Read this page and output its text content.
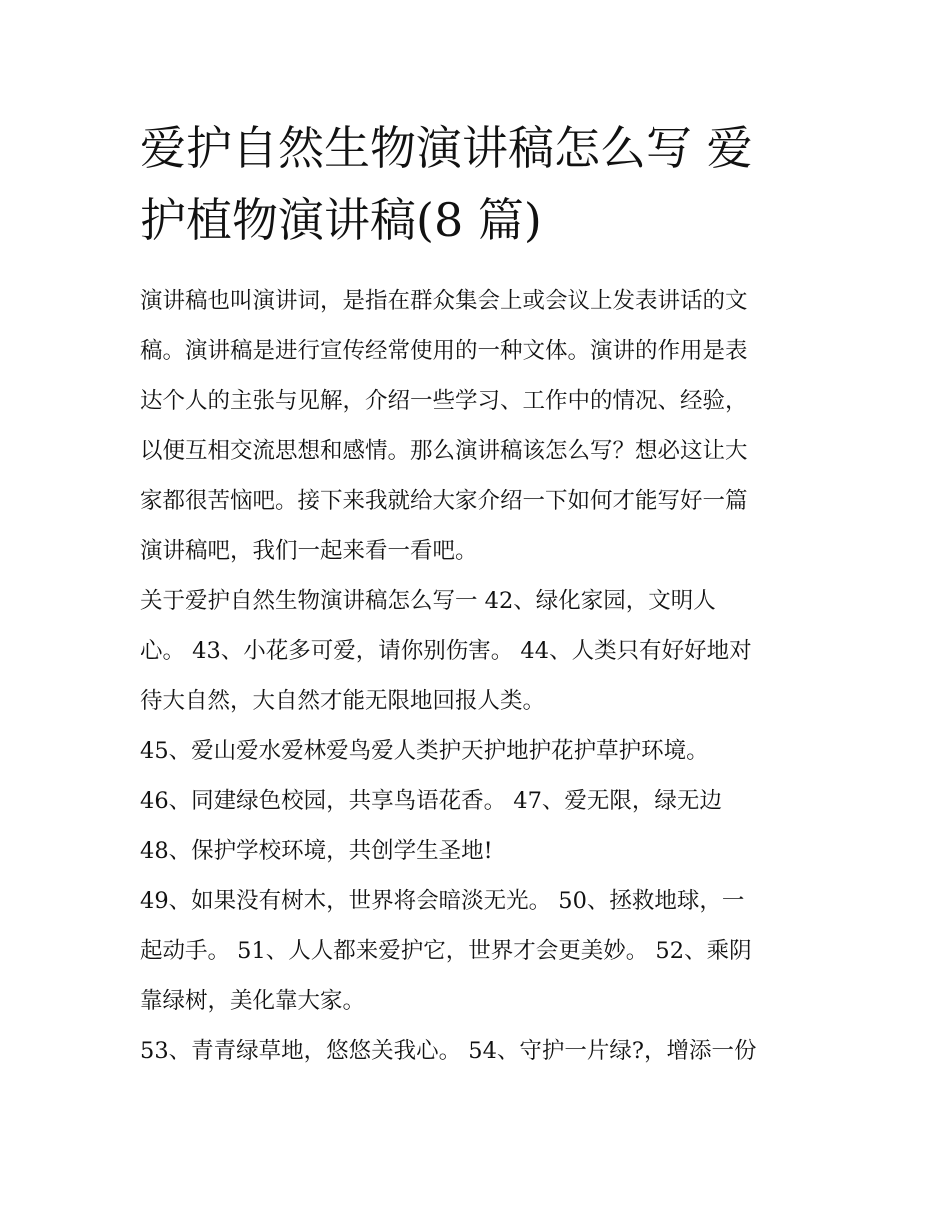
爱护自然生物演讲稿怎么写 爱
护植物演讲稿(8 篇)

演讲稿也叫演讲词，是指在群众集会上或会议上发表讲话的文
稿。演讲稿是进行宣传经常使用的一种文体。演讲的作用是表
达个人的主张与见解，介绍一些学习、工作中的情况、经验，
以便互相交流思想和感情。那么演讲稿该怎么写？想必这让大
家都很苦恼吧。接下来我就给大家介绍一下如何才能写好一篇
演讲稿吧，我们一起来看一看吧。

关于爱护自然生物演讲稿怎么写一 42、绿化家园，文明人
心。 43、小花多可爱，请你别伤害。 44、人类只有好好地对
待大自然，大自然才能无限地回报人类。

45、爱山爱水爱林爱鸟爱人类护天护地护花护草护环境。

46、同建绿色校园，共享鸟语花香。 47、爱无限，绿无边

48、保护学校环境，共创学生圣地!

49、如果没有树木，世界将会暗淡无光。 50、拯救地球，一
起动手。 51、人人都来爱护它，世界才会更美妙。 52、乘阴
靠绿树，美化靠大家。

53、青青绿草地，悠悠关我心。 54、守护一片绿?，增添一份
